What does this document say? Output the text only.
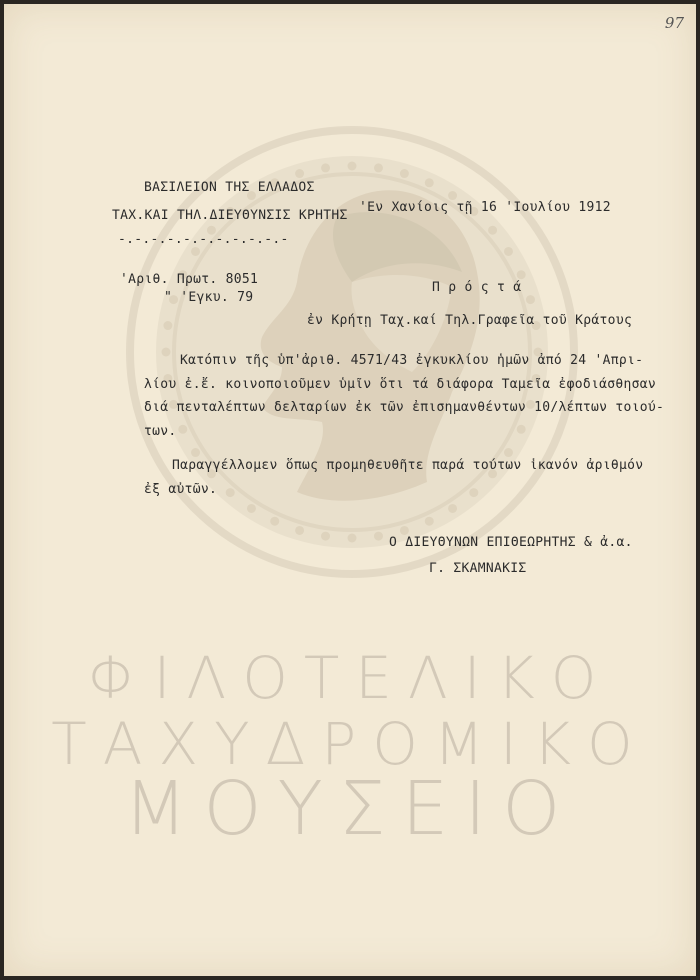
ΦΙΛΟΤΕΛΙΚΟ
ΤΑΧΥΔΡΟΜΙΚΟ
ΜΟΥΣΕΙΟ
97
ΒΑΣΙΛΕΙΟΝ ΤΗΣ ΕΛΛΑΔΟΣ
ΤΑΧ.ΚΑΙ ΤΗΛ.ΔΙΕΥΘΥΝΣΙΣ ΚΡΗΤΗΣ
-.-.-.-.-.-.-.-.-.-.-
'Εν Χανίοις τῇ 16 'Ιουλίου 1912
'Αριθ. Πρωτ. 8051
" 'Εγκυ. 79
Π ρ ό ς τ ά
ἐν Κρήτῃ Ταχ.καί Τηλ.Γραφεῖα τοῦ Κράτους
Κατόπιν τῆς ὑπ'ἀριθ. 4571/43 ἐγκυκλίου ἡμῶν ἀπό 24 'Απρι-
λίου ἐ.ἔ. κοινοποιοῦμεν ὑμῖν ὅτι τά διάφορα Ταμεῖα ἐφοδιάσθησαν
διά πενταλέπτων δελταρίων ἐκ τῶν ἐπισημανθέντων 10/λέπτων τοιού-
των.
Παραγγέλλομεν ὅπως προμηθευθῆτε παρά τούτων ἱκανόν ἀριθμόν
ἐξ αὐτῶν.
Ο ΔΙΕΥΘΥΝΩΝ ΕΠΙΘΕΩΡΗΤΗΣ & ἀ.α.
Γ. ΣΚΑΜΝΑΚΙΣ
